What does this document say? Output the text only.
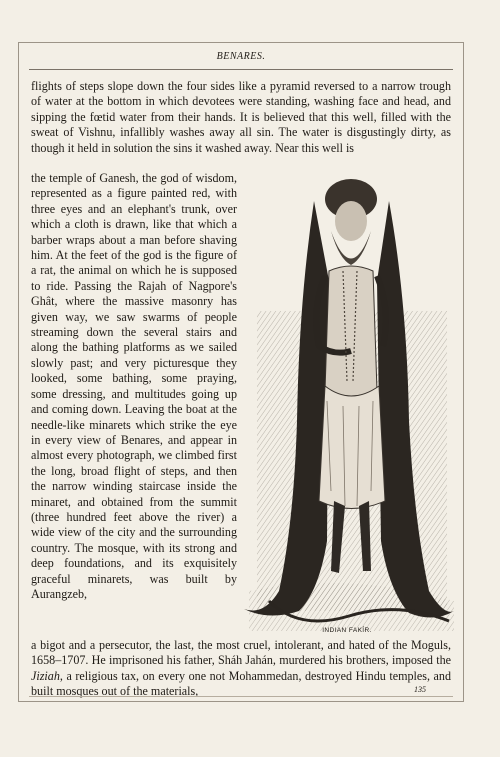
BENARES.
flights of steps slope down the four sides like a pyramid reversed to a narrow trough of water at the bottom in which devotees were standing, washing face and head, and sipping the fœtid water from their hands. It is believed that this well, filled with the sweat of Vishnu, infallibly washes away all sin. The water is disgustingly dirty, as though it held in solution the sins it washed away. Near this well is
the temple of Ganesh, the god of wisdom, represented as a figure painted red, with three eyes and an elephant's trunk, over which a cloth is drawn, like that which a barber wraps about a man before shaving him. At the feet of the god is the figure of a rat, the animal on which he is supposed to ride. Passing the Rajah of Nagpore's Ghât, where the massive masonry has given way, we saw swarms of people streaming down the several stairs and along the bathing platforms as we sailed slowly past; and very picturesque they looked, some bathing, some praying, some dressing, and multitudes going up and coming down. Leaving the boat at the needle-like minarets which strike the eye in every view of Benares, and appear in almost every photograph, we climbed first the long, broad flight of steps, and then the narrow winding staircase inside the minaret, and obtained from the summit (three hundred feet above the river) a wide view of the city and the surrounding country. The mosque, with its strong and deep foundations, and its exquisitely graceful minarets, was built by Aurangzeb,
INDIAN FAKÍR.
a bigot and a persecutor, the last, the most cruel, intolerant, and hated of the Moguls, 1658–1707. He imprisoned his father, Sháh Jahán, murdered his brothers, imposed the Jiziah, a religious tax, on every one not Mohammedan, destroyed Hindu temples, and built mosques out of the materials,	135
